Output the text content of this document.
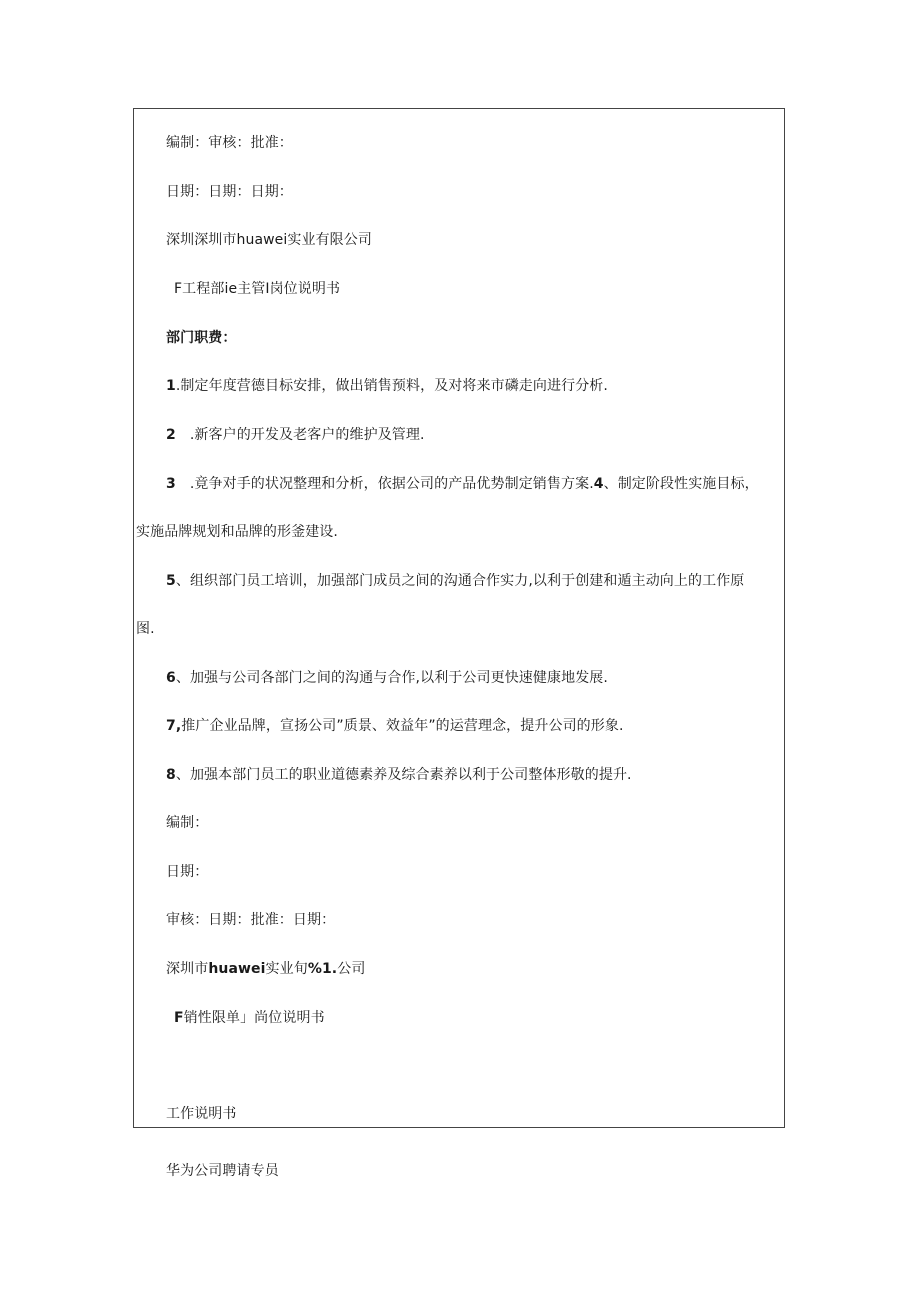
编制：审核：批准：
日期：日期：日期：
深圳深圳市huawei实业有限公司
F工程部ie主管I岗位说明书
部门职费：
1.制定年度营德目标安排，做出销售预料，及对将来市磷走向进行分析.
2 .新客户的开发及老客户的维护及管理.
3 .竟争对手的状况整理和分析，依据公司的产品优势制定销售方案.4、制定阶段性实施目标，
实施品牌规划和品牌的形釜建设.
5、组织部门员工培训，加强部门成员之间的沟通合作实力,以利于创建和遁主动向上的工作原
图.
6、加强与公司各部门之间的沟通与合作,以利于公司更快速健康地发展.
7,推广企业品牌，宣扬公司”质景、效益年”的运营理念，提升公司的形象.
8、加强本部门员工的职业道德素养及综合素养以利于公司整体形敬的提升.
编制：
日期：
审核：日期：批准：日期：
深圳市huawei实业旬%1.公司
F销性限单」尚位说明书
工作说明书
华为公司聘请专员
